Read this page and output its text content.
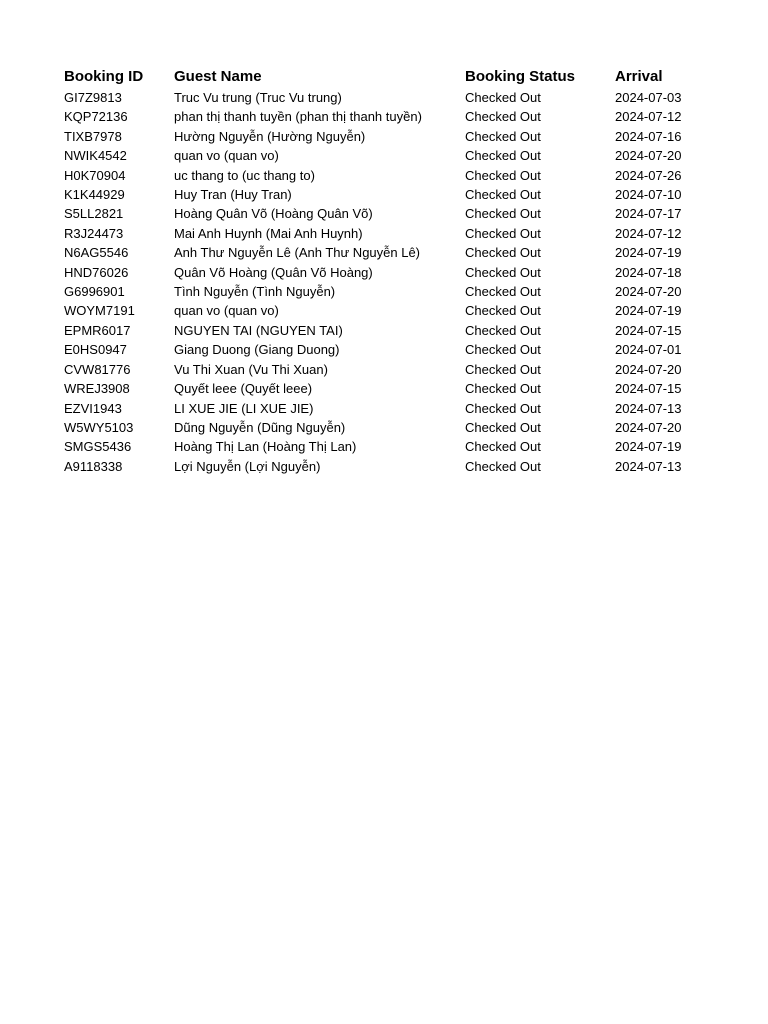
Booking ID	Guest Name	Booking Status	Arrival
GI7Z9813	Truc Vu trung (Truc Vu trung)	Checked Out	2024-07-03
KQP72136	phan thị thanh tuyền (phan thị thanh tuyền)	Checked Out	2024-07-12
TIXB7978	Hường Nguyễn (Hường Nguyễn)	Checked Out	2024-07-16
NWIK4542	quan vo (quan vo)	Checked Out	2024-07-20
H0K70904	uc thang to (uc thang to)	Checked Out	2024-07-26
K1K44929	Huy Tran (Huy Tran)	Checked Out	2024-07-10
S5LL2821	Hoàng Quân Võ (Hoàng Quân Võ)	Checked Out	2024-07-17
R3J24473	Mai Anh Huynh (Mai Anh Huynh)	Checked Out	2024-07-12
N6AG5546	Anh Thư Nguyễn Lê (Anh Thư Nguyễn Lê)	Checked Out	2024-07-19
HND76026	Quân Võ Hoàng (Quân Võ Hoàng)	Checked Out	2024-07-18
G6996901	Tình Nguyễn (Tình Nguyễn)	Checked Out	2024-07-20
WOYM7191	quan vo (quan vo)	Checked Out	2024-07-19
EPMR6017	NGUYEN TAI (NGUYEN TAI)	Checked Out	2024-07-15
E0HS0947	Giang Duong (Giang Duong)	Checked Out	2024-07-01
CVW81776	Vu Thi Xuan (Vu Thi Xuan)	Checked Out	2024-07-20
WREJ3908	Quyết leee (Quyết leee)	Checked Out	2024-07-15
EZVI1943	LI XUE JIE (LI XUE JIE)	Checked Out	2024-07-13
W5WY5103	Dũng Nguyễn (Dũng Nguyễn)	Checked Out	2024-07-20
SMGS5436	Hoàng Thị Lan (Hoàng Thị Lan)	Checked Out	2024-07-19
A9118338	Lợi Nguyễn (Lợi Nguyễn)	Checked Out	2024-07-13
